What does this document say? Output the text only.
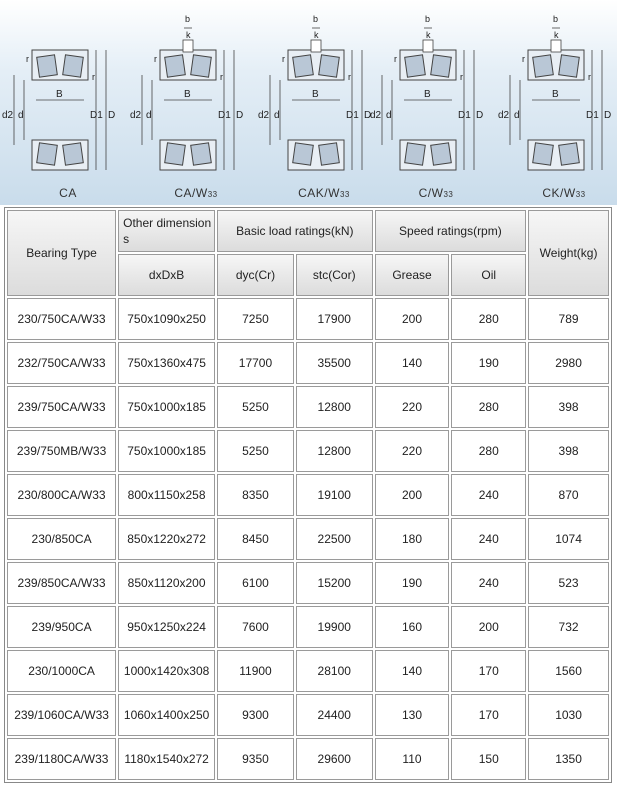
B
D1 D
d2 d
r
r
B
D1 D
d2 d
r
r
b
k
B
D1 D
d2 d
r
r
b
k
B
D1 D
d2 d
r
r
b
k
B
D1 D
d2 d
r
r
b
k
CA	CA/W33	CAK/W33	C/W33	CK/W33
Bearing Type	Other dimensions	Basic load ratings(kN)		Speed ratings(rpm)		Weight(kg)
	dxDxB	dyc(Cr)	stc(Cor)	Grease	Oil	
230/750CA/W33	750x1090x250	7250	17900	200	280	789
232/750CA/W33	750x1360x475	17700	35500	140	190	2980
239/750CA/W33	750x1000x185	5250	12800	220	280	398
239/750MB/W33	750x1000x185	5250	12800	220	280	398
230/800CA/W33	800x1150x258	8350	19100	200	240	870
230/850CA	850x1220x272	8450	22500	180	240	1074
239/850CA/W33	850x1120x200	6100	15200	190	240	523
239/950CA	950x1250x224	7600	19900	160	200	732
230/1000CA	1000x1420x308	11900	28100	140	170	1560
239/1060CA/W33	1060x1400x250	9300	24400	130	170	1030
239/1180CA/W33	1180x1540x272	9350	29600	110	150	1350
